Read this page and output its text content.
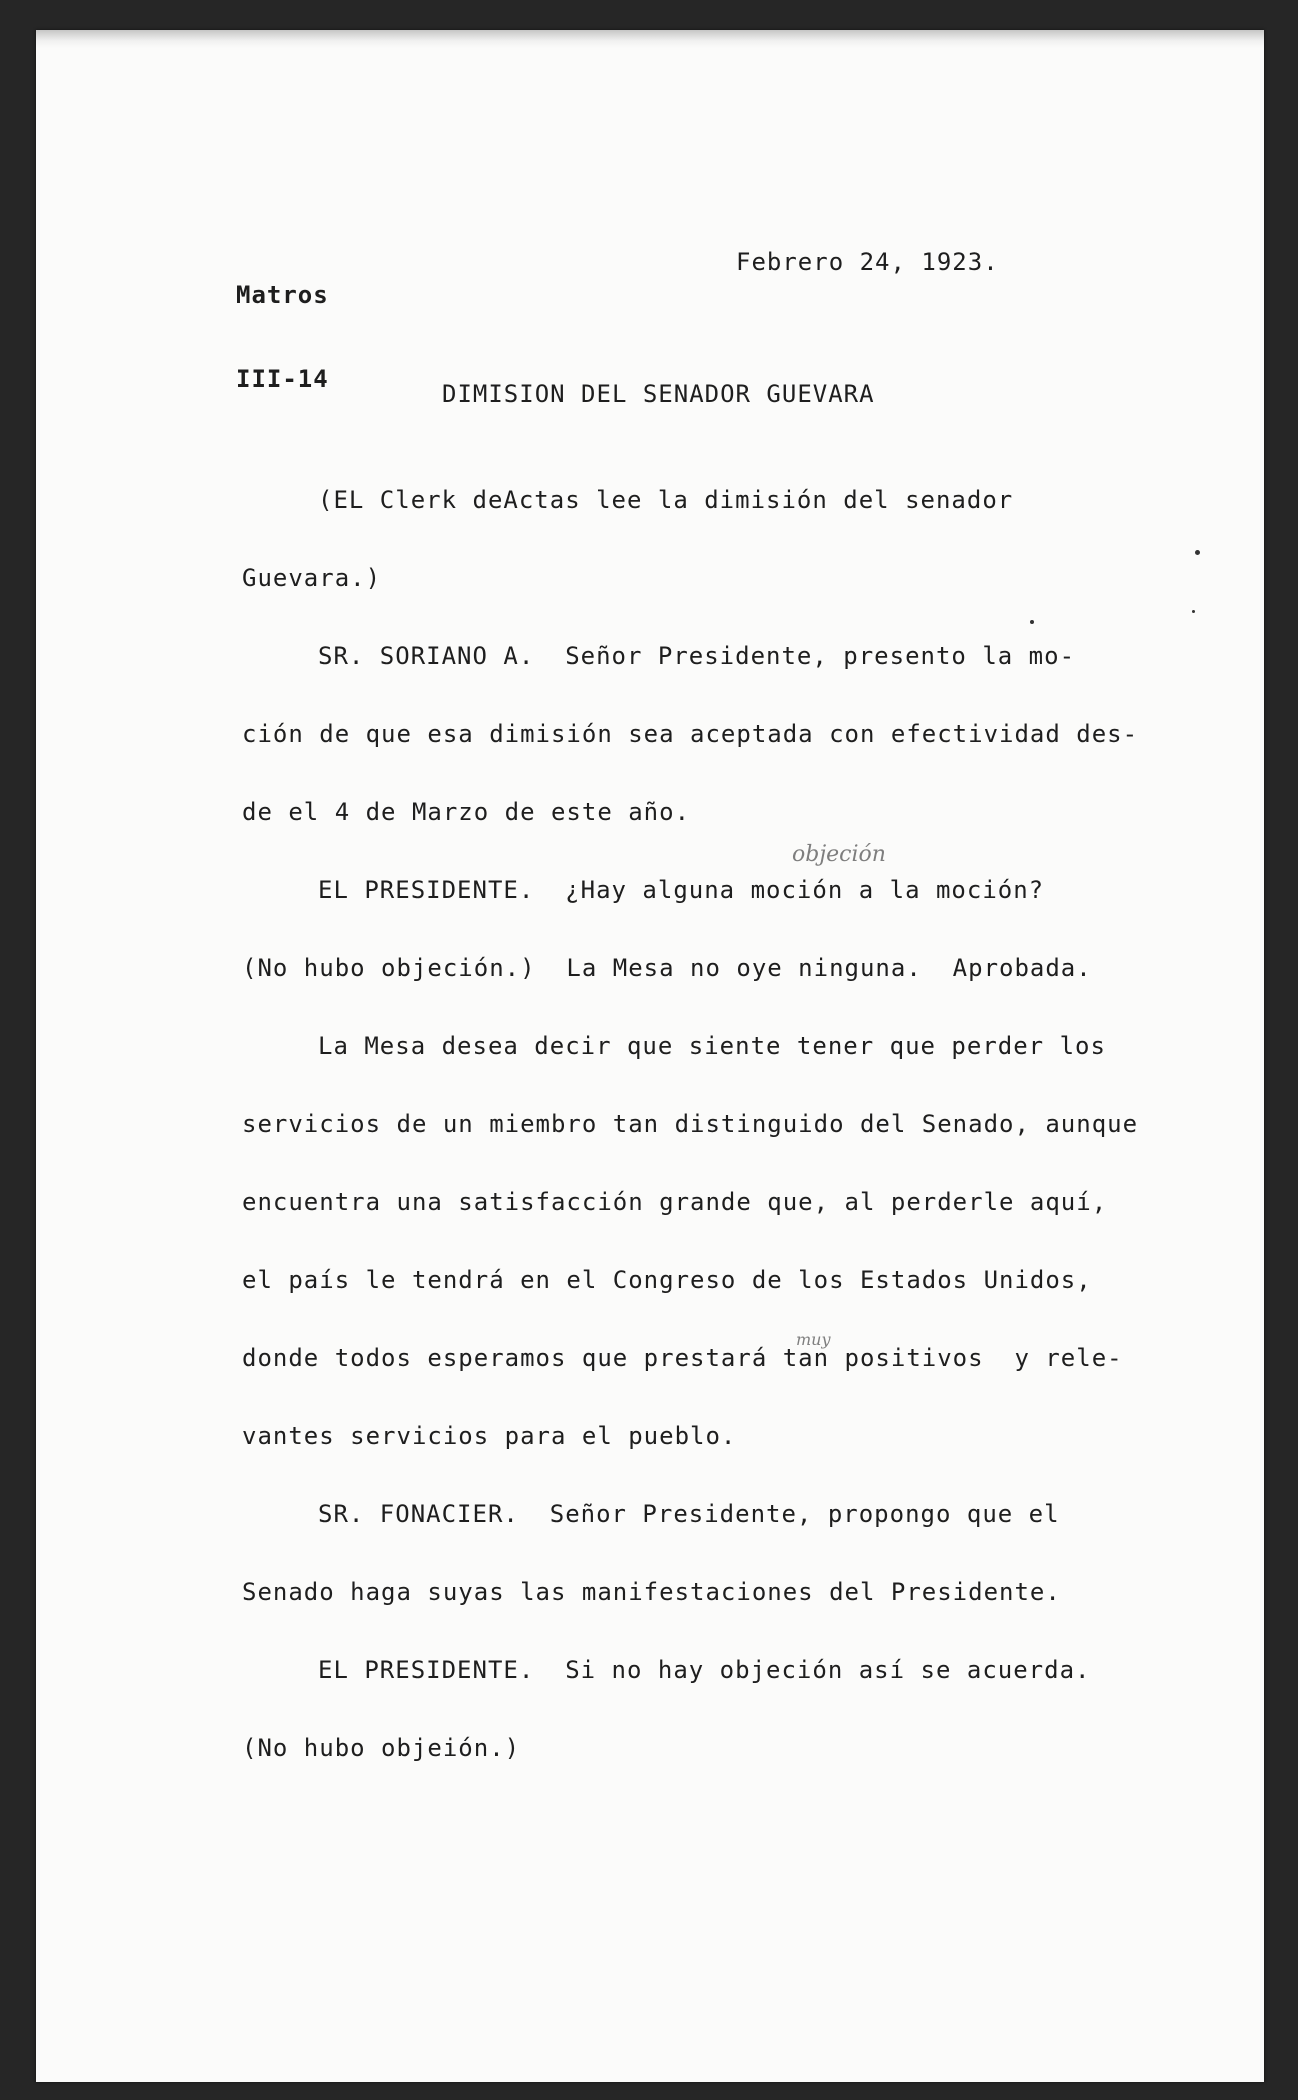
Matros

III-14

Febrero 24, 1923.
DIMISION DEL SENADOR GUEVARA
(EL Clerk deActas lee la dimisión del senador
Guevara.)
SR. SORIANO A.  Señor Presidente, presento la mo-
ción de que esa dimisión sea aceptada con efectividad des-
de el 4 de Marzo de este año.
EL PRESIDENTE.  ¿Hay alguna moción a la moción?
(No hubo objeción.)  La Mesa no oye ninguna.  Aprobada.
La Mesa desea decir que siente tener que perder los
servicios de un miembro tan distinguido del Senado, aunque
encuentra una satisfacción grande que, al perderle aquí,
el país le tendrá en el Congreso de los Estados Unidos,
donde todos esperamos que prestará tan positivos  y rele-
vantes servicios para el pueblo.
SR. FONACIER.  Señor Presidente, propongo que el
Senado haga suyas las manifestaciones del Presidente.
EL PRESIDENTE.  Si no hay objeción así se acuerda.
(No hubo objeión.)
objeción
muy
